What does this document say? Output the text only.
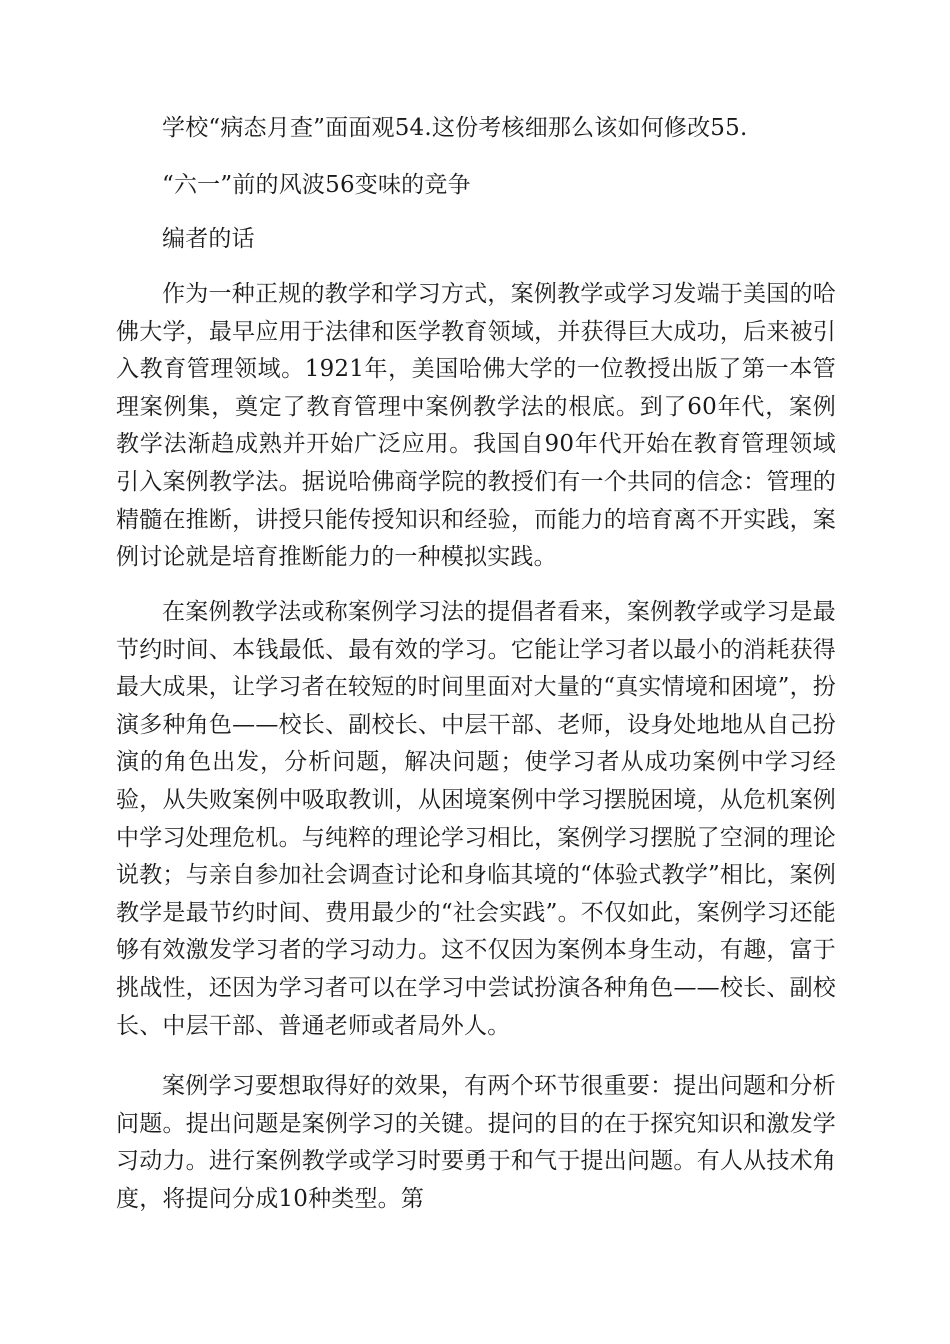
学校“病态月查”面面观54.这份考核细那么该如何修改55.

“六一”前的风波56变味的竞争

编者的话

作为一种正规的教学和学习方式，案例教学或学习发端于美国的哈佛大学，最早应用于法律和医学教育领域，并获得巨大成功，后来被引入教育管理领域。1921年，美国哈佛大学的一位教授出版了第一本管理案例集，奠定了教育管理中案例教学法的根底。到了60年代，案例教学法渐趋成熟并开始广泛应用。我国自90年代开始在教育管理领域引入案例教学法。据说哈佛商学院的教授们有一个共同的信念：管理的精髓在推断，讲授只能传授知识和经验，而能力的培育离不开实践，案例讨论就是培育推断能力的一种模拟实践。

在案例教学法或称案例学习法的提倡者看来，案例教学或学习是最节约时间、本钱最低、最有效的学习。它能让学习者以最小的消耗获得最大成果，让学习者在较短的时间里面对大量的“真实情境和困境”，扮演多种角色——校长、副校长、中层干部、老师，设身处地地从自己扮演的角色出发，分析问题，解决问题；使学习者从成功案例中学习经验，从失败案例中吸取教训，从困境案例中学习摆脱困境，从危机案例中学习处理危机。与纯粹的理论学习相比，案例学习摆脱了空洞的理论说教；与亲自参加社会调查讨论和身临其境的“体验式教学”相比，案例教学是最节约时间、费用最少的“社会实践”。不仅如此，案例学习还能够有效激发学习者的学习动力。这不仅因为案例本身生动，有趣，富于挑战性，还因为学习者可以在学习中尝试扮演各种角色——校长、副校长、中层干部、普通老师或者局外人。

案例学习要想取得好的效果，有两个环节很重要：提出问题和分析问题。提出问题是案例学习的关键。提问的目的在于探究知识和激发学习动力。进行案例教学或学习时要勇于和气于提出问题。有人从技术角度，将提问分成10种类型。第
